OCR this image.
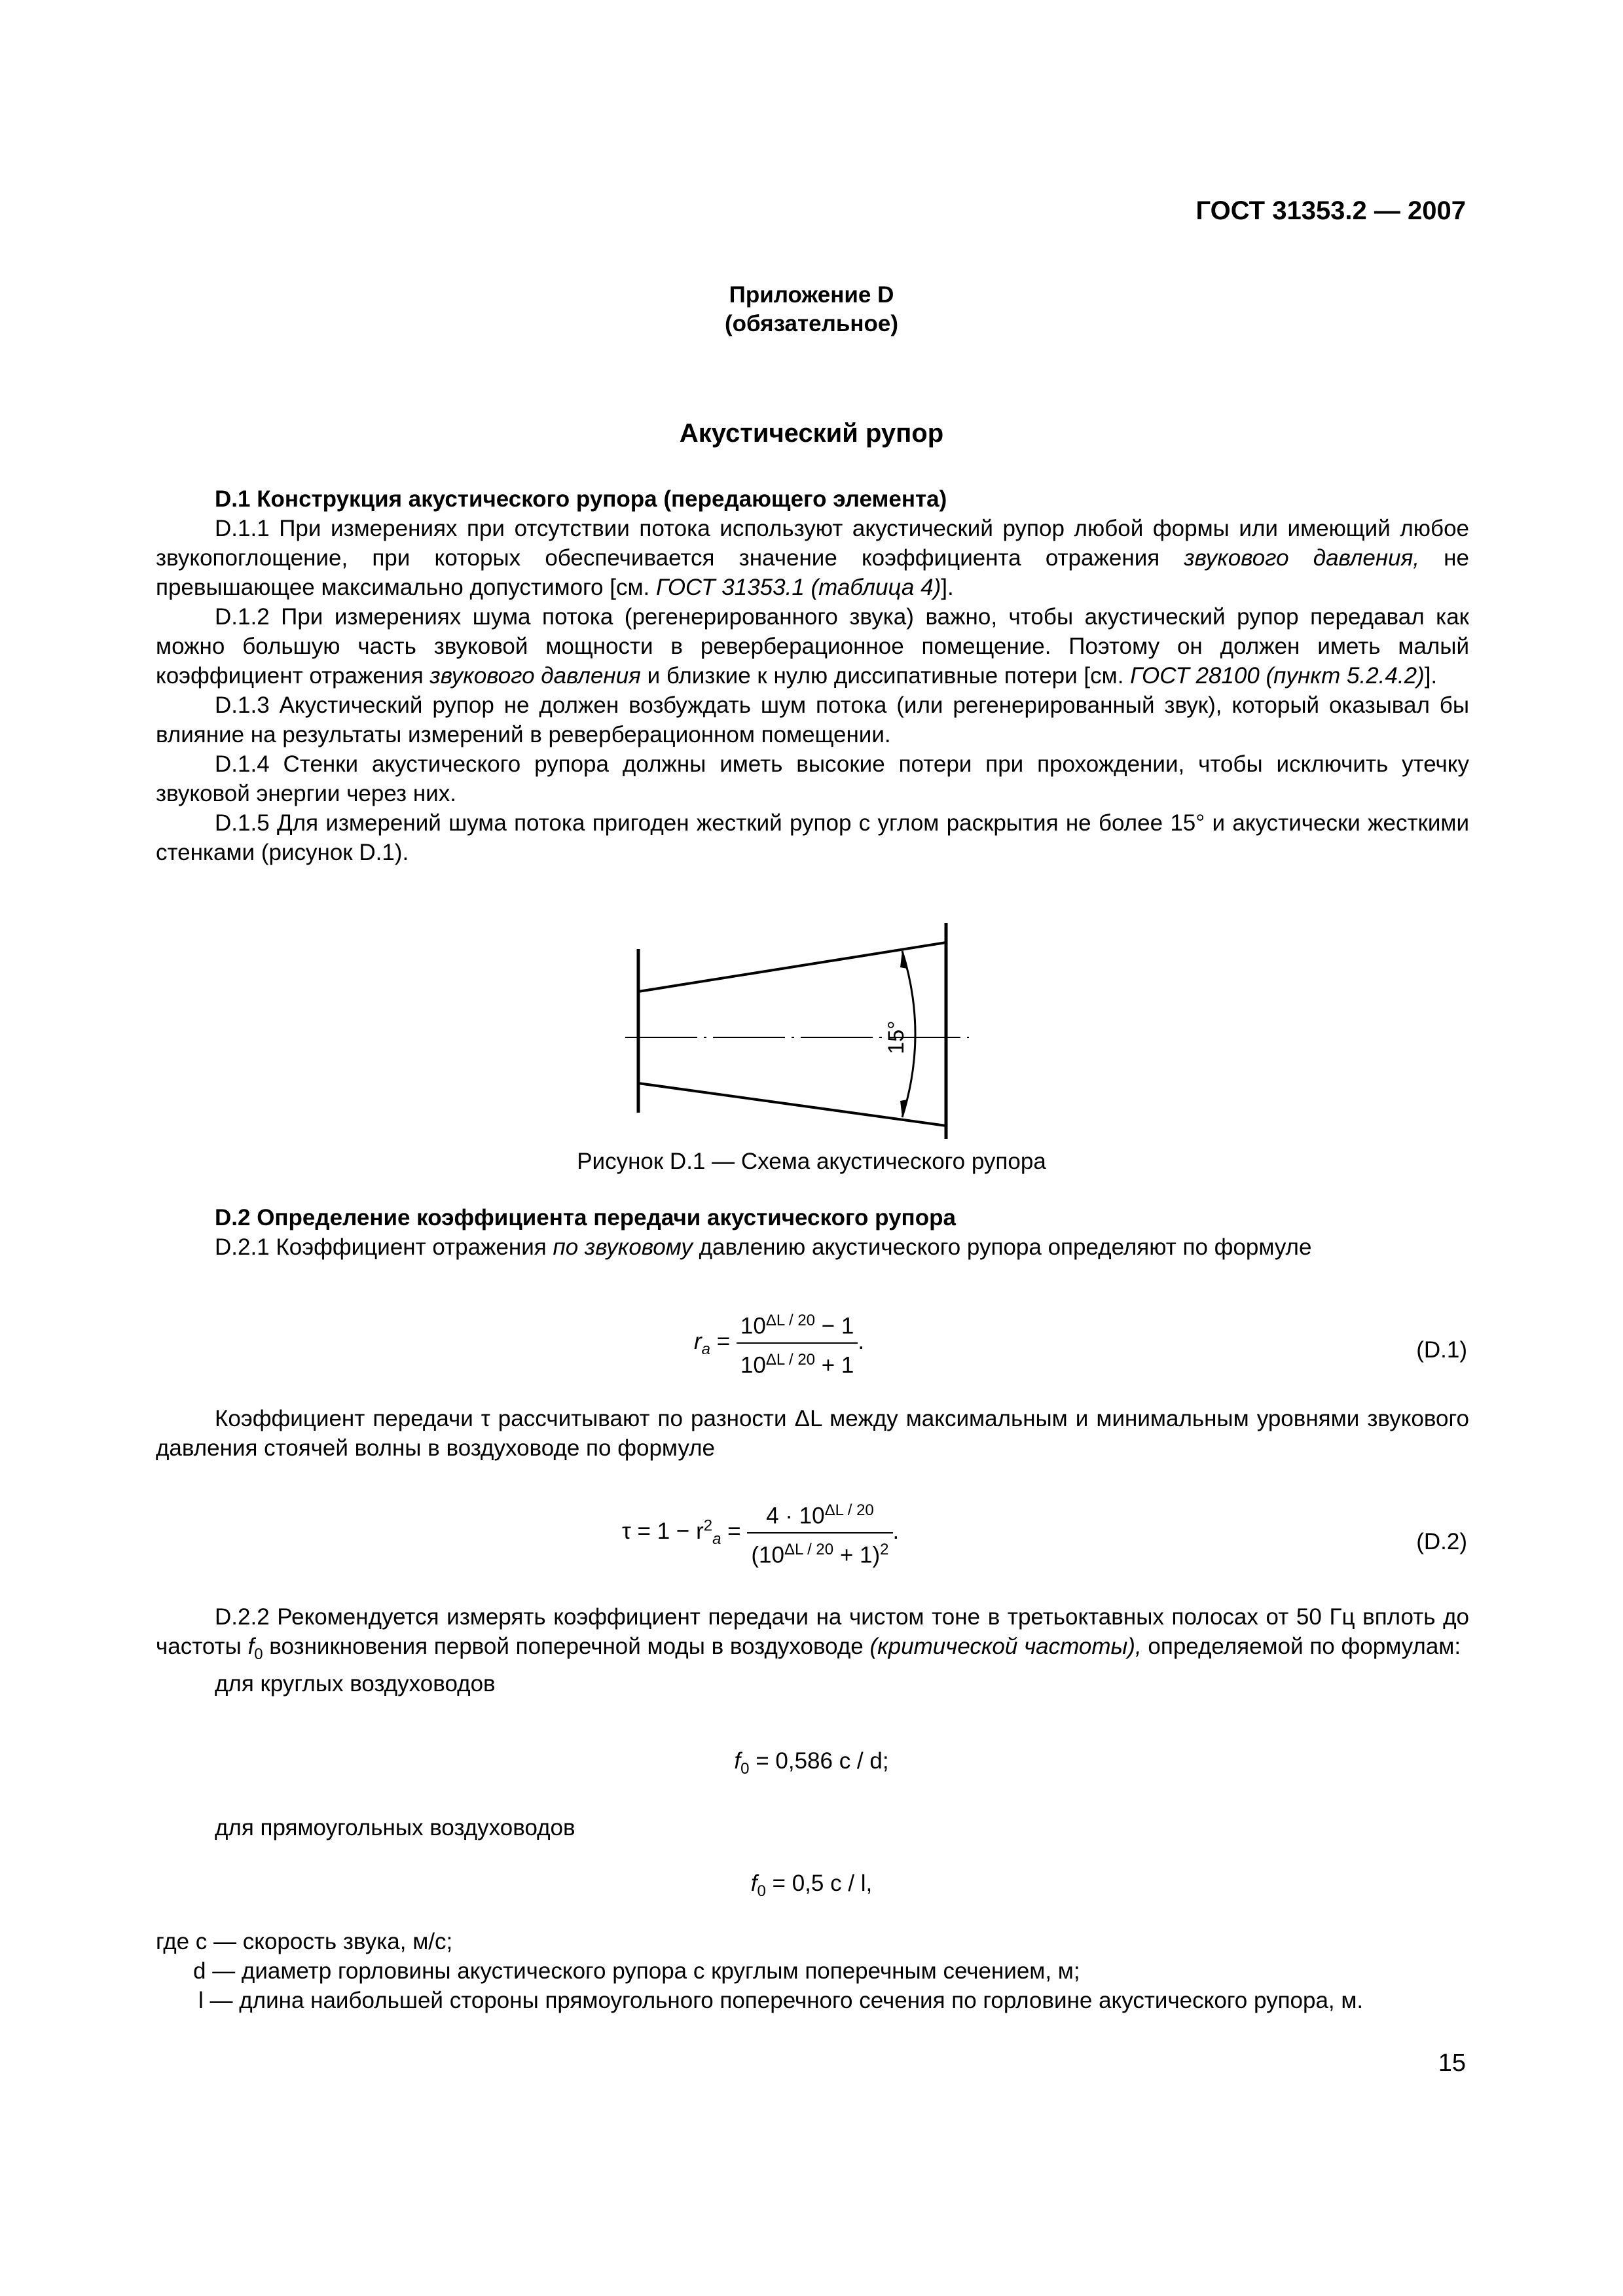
ГОСТ 31353.2 — 2007
Приложение D
(обязательное)
Акустический рупор
D.1 Конструкция акустического рупора (передающего элемента)

D.1.1 При измерениях при отсутствии потока используют акустический рупор любой формы или имеющий любое звукопоглощение, при которых обеспечивается значение коэффициента отражения звукового давления, не превышающее максимально допустимого [см. ГОСТ 31353.1 (таблица 4)].

D.1.2 При измерениях шума потока (регенерированного звука) важно, чтобы акустический рупор передавал как можно большую часть звуковой мощности в реверберационное помещение. Поэтому он должен иметь малый коэффициент отражения звукового давления и близкие к нулю диссипативные потери [см. ГОСТ 28100 (пункт 5.2.4.2)].

D.1.3 Акустический рупор не должен возбуждать шум потока (или регенерированный звук), который оказывал бы влияние на результаты измерений в реверберационном помещении.

D.1.4 Стенки акустического рупора должны иметь высокие потери при прохождении, чтобы исключить утечку звуковой энергии через них.

D.1.5 Для измерений шума потока пригоден жесткий рупор с углом раскрытия не более 15° и акустически жесткими стенками (рисунок D.1).

15°
Рисунок D.1 — Схема акустического рупора
D.2 Определение коэффициента передачи акустического рупора

D.2.1 Коэффициент отражения по звуковому давлению акустического рупора определяют по формуле

$r_a = \frac{10^{\Delta L / 20} - 1}{10^{\Delta L / 20} + 1}$ .	(D.1)

Коэффициент передачи τ рассчитывают по разности ΔL между максимальным и минимальным уровнями звукового давления стоячей волны в воздуховоде по формуле

$\tau = 1 - r^2_a = \frac{4 \cdot 10^{\Delta L / 20}}{(10^{\Delta L / 20} + 1)^2}$ .	(D.2)

D.2.2 Рекомендуется измерять коэффициент передачи на чистом тоне в третьоктавных полосах от 50 Гц вплоть до частоты $f_0$ возникновения первой поперечной моды в воздуховоде (критической частоты), определяемой по формулам:

для круглых воздуховодов
$f_0 = 0,586$ c / d;
для прямоугольных воздуховодов
$f_0 = 0,5$ c / l,
где c — скорость звука, м/с;
d — диаметр горловины акустического рупора с круглым поперечным сечением, м;
l — длина наибольшей стороны прямоугольного поперечного сечения по горловине акустического рупора, м.
15
